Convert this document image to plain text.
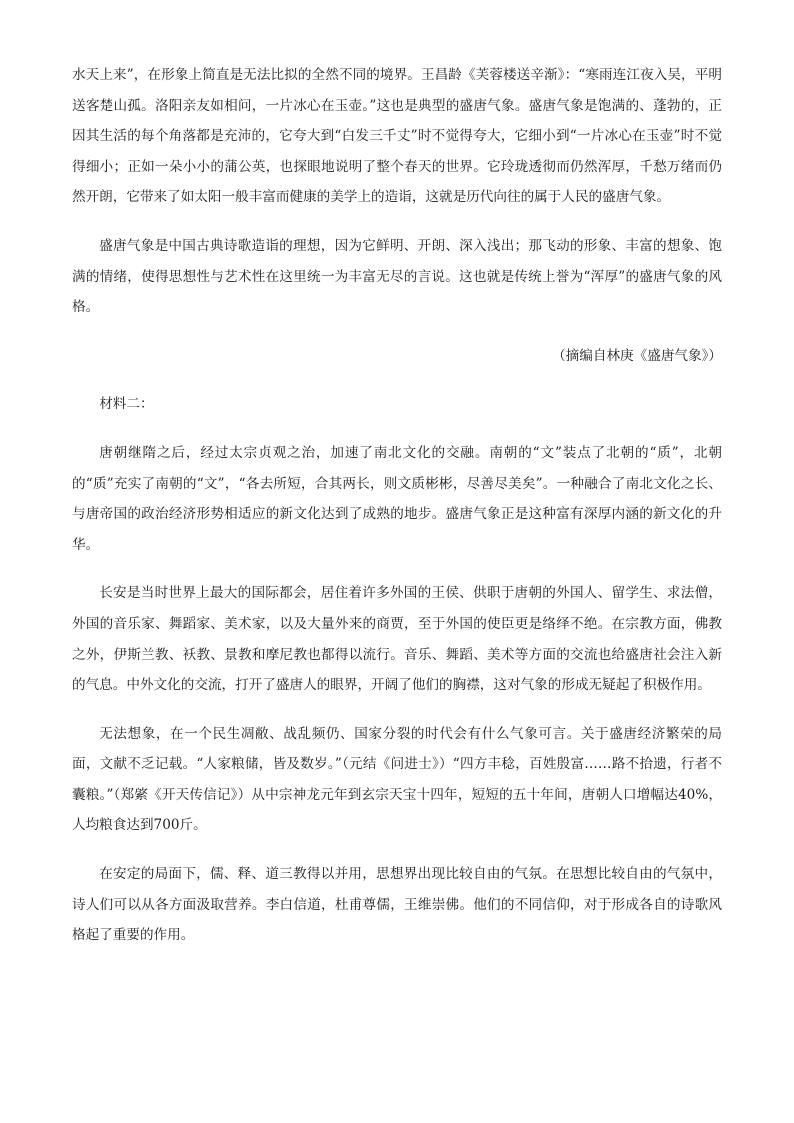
水天上来”，在形象上简直是无法比拟的全然不同的境界。王昌龄《芙蓉楼送辛渐》：“寒雨连江夜入吴，平明送客楚山孤。洛阳亲友如相问，一片冰心在玉壶。”这也是典型的盛唐气象。盛唐气象是饱满的、蓬勃的，正因其生活的每个角落都是充沛的，它夸大到“白发三千丈”时不觉得夸大，它细小到“一片冰心在玉壶”时不觉得细小；正如一朵小小的蒲公英，也探眼地说明了整个春天的世界。它玲珑透彻而仍然浑厚，千愁万绪而仍然开朗，它带来了如太阳一般丰富而健康的美学上的造诣，这就是历代向往的属于人民的盛唐气象。

盛唐气象是中国古典诗歌造诣的理想，因为它鲜明、开朗、深入浅出；那飞动的形象、丰富的想象、饱满的情绪，使得思想性与艺术性在这里统一为丰富无尽的言说。这也就是传统上誉为“浑厚”的盛唐气象的风格。

（摘编自林庚《盛唐气象》）

材料二：

唐朝继隋之后，经过太宗贞观之治，加速了南北文化的交融。南朝的“文”装点了北朝的“质”，北朝的“质”充实了南朝的“文”，“各去所短，合其两长，则文质彬彬，尽善尽美矣”。一种融合了南北文化之长、与唐帝国的政治经济形势相适应的新文化达到了成熟的地步。盛唐气象正是这种富有深厚内涵的新文化的升华。

长安是当时世界上最大的国际都会，居住着许多外国的王侯、供职于唐朝的外国人、留学生、求法僧，外国的音乐家、舞蹈家、美术家，以及大量外来的商贾，至于外国的使臣更是络绎不绝。在宗教方面，佛教之外，伊斯兰教、袄教、景教和摩尼教也都得以流行。音乐、舞蹈、美术等方面的交流也给盛唐社会注入新的气息。中外文化的交流，打开了盛唐人的眼界，开阔了他们的胸襟，这对气象的形成无疑起了积极作用。

无法想象，在一个民生凋敝、战乱频仍、国家分裂的时代会有什么气象可言。关于盛唐经济繁荣的局面，文献不乏记载。“人家粮储，皆及数岁。”（元结《问进士》）“四方丰稔，百姓殷富……路不拾遗，行者不囊粮。”（郑綮《开天传信记》）从中宗神龙元年到玄宗天宝十四年，短短的五十年间，唐朝人口增幅达40%，人均粮食达到700斤。

在安定的局面下，儒、释、道三教得以并用，思想界出现比较自由的气氛。在思想比较自由的气氛中，诗人们可以从各方面汲取营养。李白信道，杜甫尊儒，王维崇佛。他们的不同信仰，对于形成各自的诗歌风格起了重要的作用。
